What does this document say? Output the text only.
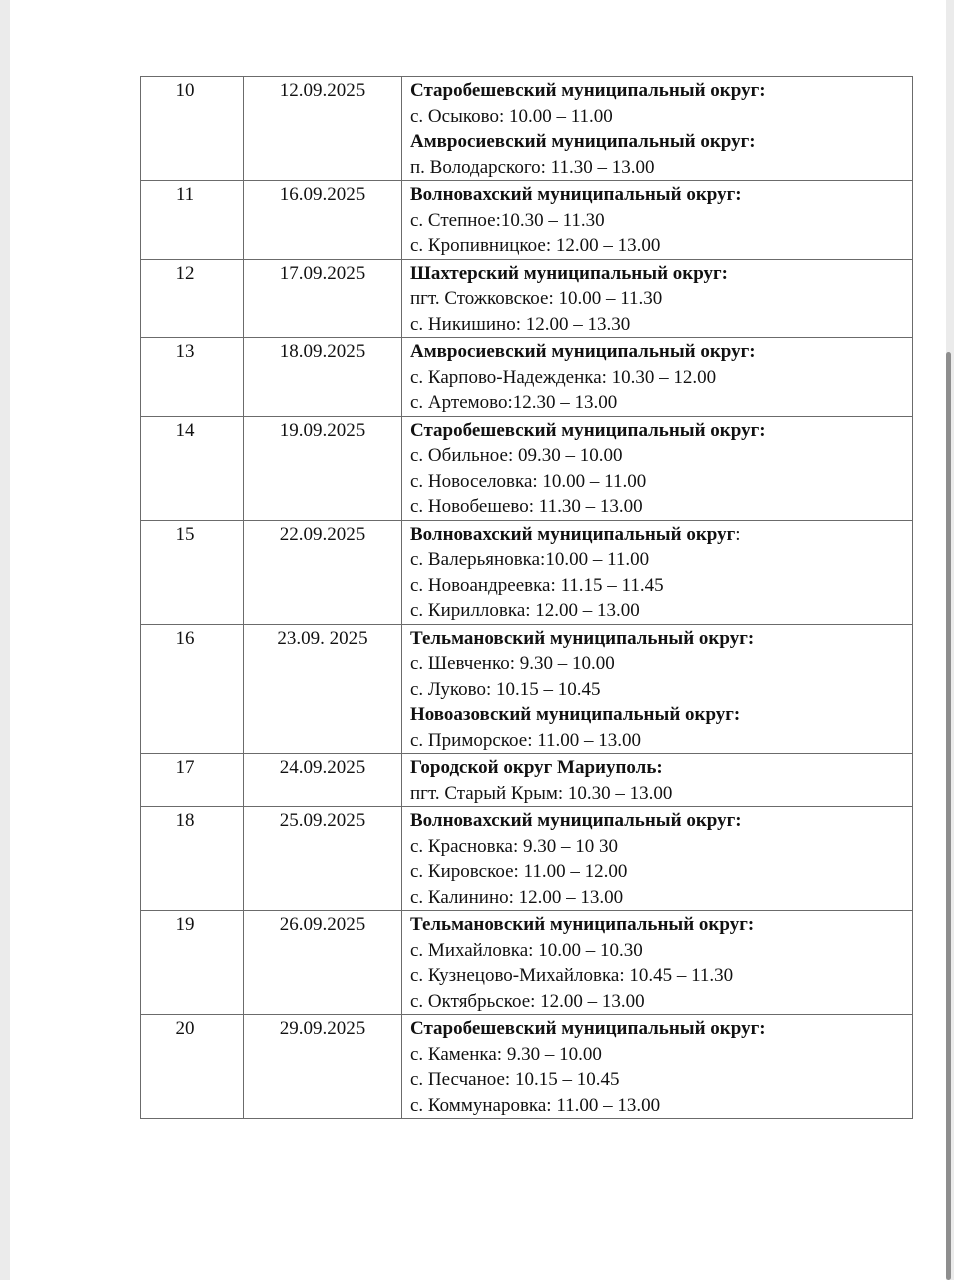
10	12.09.2025	Старобешевский муниципальный округ:
с. Осыково: 10.00 – 11.00
Амвросиевский муниципальный округ:
п. Володарского: 11.30 – 13.00

11	16.09.2025	Волновахский муниципальный округ:
с. Степное:10.30 – 11.30
с. Кропивницкое: 12.00 – 13.00

12	17.09.2025	Шахтерский муниципальный округ:
пгт. Стожковское: 10.00 – 11.30
с. Никишино: 12.00 – 13.30

13	18.09.2025	Амвросиевский муниципальный округ:
с. Карпово-Надежденка: 10.30 – 12.00
с. Артемово:12.30 – 13.00

14	19.09.2025	Старобешевский муниципальный округ:
с. Обильное: 09.30 – 10.00
с. Новоселовка: 10.00 – 11.00
с. Новобешево: 11.30 – 13.00

15	22.09.2025	Волновахский муниципальный округ:
с. Валерьяновка:10.00 – 11.00
с. Новоандреевка: 11.15 – 11.45
с. Кирилловка: 12.00 – 13.00

16	23.09. 2025	Тельмановский муниципальный округ:
с. Шевченко: 9.30 – 10.00
с. Луково: 10.15 – 10.45
Новоазовский муниципальный округ:
с. Приморское: 11.00 – 13.00

17	24.09.2025	Городской округ Мариуполь:
пгт. Старый Крым: 10.30 – 13.00

18	25.09.2025	Волновахский муниципальный округ:
с. Красновка: 9.30 – 10 30
с. Кировское: 11.00 – 12.00
с. Калинино: 12.00 – 13.00

19	26.09.2025	Тельмановский муниципальный округ:
с. Михайловка: 10.00 – 10.30
с. Кузнецово-Михайловка: 10.45 – 11.30
с. Октябрьское: 12.00 – 13.00

20	29.09.2025	Старобешевский муниципальный округ:
с. Каменка: 9.30 – 10.00
с. Песчаное: 10.15 – 10.45
с. Коммунаровка: 11.00 – 13.00
